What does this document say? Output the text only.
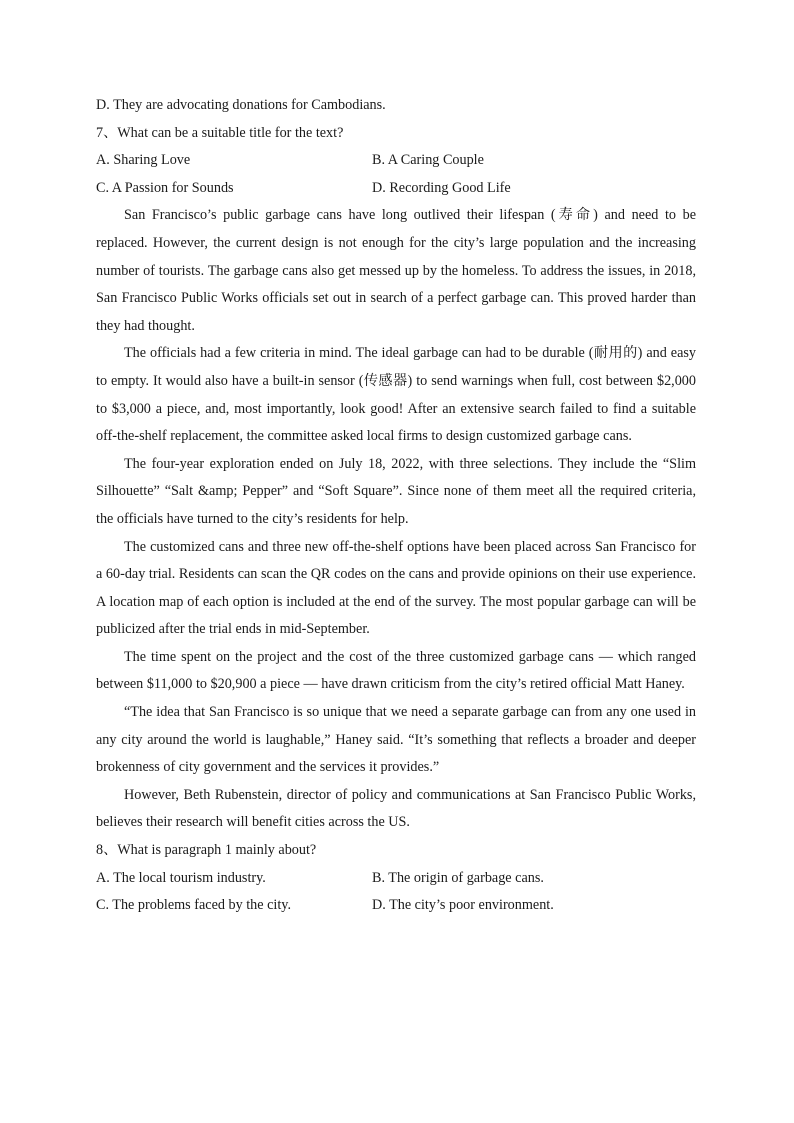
D. They are advocating donations for Cambodians.

7、What can be a suitable title for the text?

A. Sharing Love	B. A Caring Couple
C. A Passion for Sounds	D. Recording Good Life

San Francisco’s public garbage cans have long outlived their lifespan (寿命) and need to be replaced. However, the current design is not enough for the city’s large population and the increasing number of tourists. The garbage cans also get messed up by the homeless. To address the issues, in 2018, San Francisco Public Works officials set out in search of a perfect garbage can. This proved harder than they had thought.

The officials had a few criteria in mind. The ideal garbage can had to be durable (耐用的) and easy to empty. It would also have a built-in sensor (传感器) to send warnings when full, cost between $2,000 to $3,000 a piece, and, most importantly, look good! After an extensive search failed to find a suitable off-the-shelf replacement, the committee asked local firms to design customized garbage cans.

The four-year exploration ended on July 18, 2022, with three selections. They include the “Slim Silhouette” “Salt &amp; Pepper” and “Soft Square”. Since none of them meet all the required criteria, the officials have turned to the city’s residents for help.

The customized cans and three new off-the-shelf options have been placed across San Francisco for a 60-day trial. Residents can scan the QR codes on the cans and provide opinions on their use experience. A location map of each option is included at the end of the survey. The most popular garbage can will be publicized after the trial ends in mid-September.

The time spent on the project and the cost of the three customized garbage cans — which ranged between $11,000 to $20,900 a piece — have drawn criticism from the city’s retired official Matt Haney.

“The idea that San Francisco is so unique that we need a separate garbage can from any one used in any city around the world is laughable,” Haney said. “It’s something that reflects a broader and deeper brokenness of city government and the services it provides.”

However, Beth Rubenstein, director of policy and communications at San Francisco Public Works, believes their research will benefit cities across the US.

8、What is paragraph 1 mainly about?

A. The local tourism industry.	B. The origin of garbage cans.
C. The problems faced by the city.	D. The city’s poor environment.
